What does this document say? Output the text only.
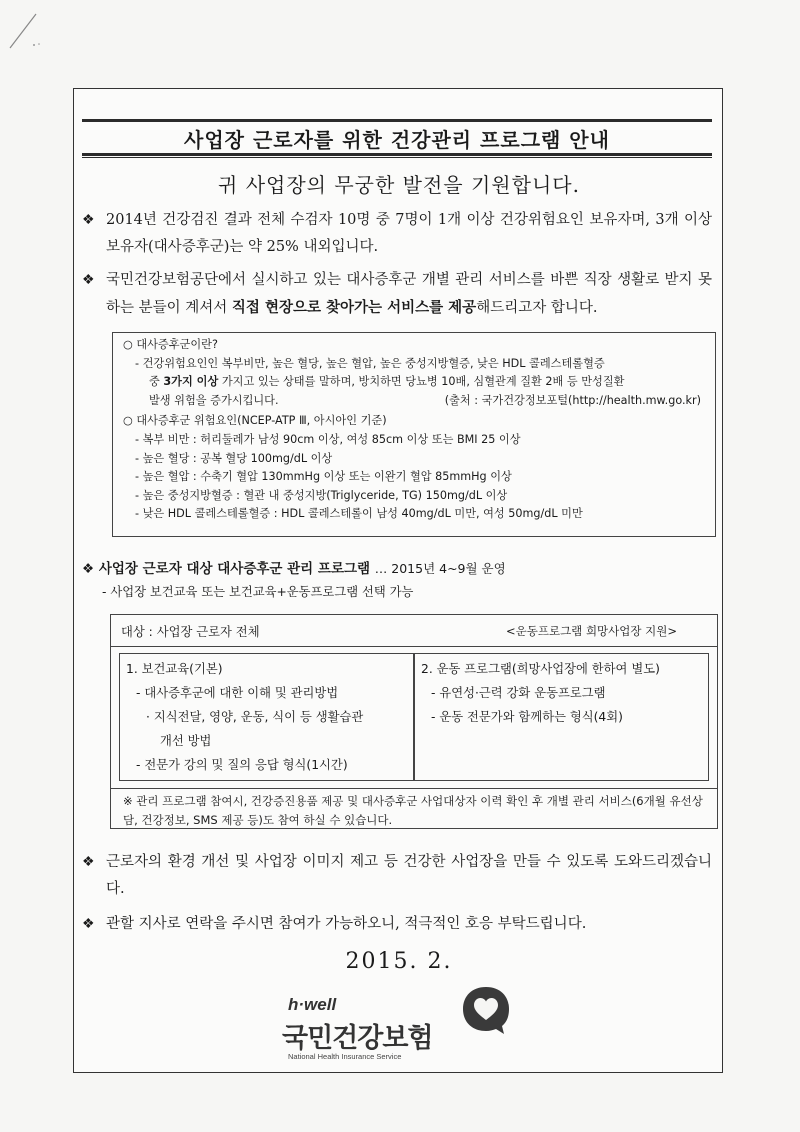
사업장 근로자를 위한 건강관리 프로그램 안내
귀 사업장의 무궁한 발전을 기원합니다.
❖ 2014년 건강검진 결과 전체 수검자 10명 중 7명이 1개 이상 건강위험요인 보유자며, 3개 이상 보유자(대사증후군)는 약 25% 내외입니다.
❖ 국민건강보험공단에서 실시하고 있는 대사증후군 개별 관리 서비스를 바쁜 직장 생활로 받지 못하는 분들이 계셔서 직접 현장으로 찾아가는 서비스를 제공해드리고자 합니다.
○ 대사증후군이란?
- 건강위험요인인 복부비만, 높은 혈당, 높은 혈압, 높은 중성지방혈증, 낮은 HDL 콜레스테롤혈증
중 3가지 이상 가지고 있는 상태를 말하며, 방치하면 당뇨병 10배, 심혈관계 질환 2배 등 만성질환
발생 위험을 증가시킵니다.	(출처 : 국가건강정보포털(http://health.mw.go.kr)
○ 대사증후군 위험요인(NCEP-ATP Ⅲ, 아시아인 기준)
- 복부 비만 : 허리둘레가 남성 90cm 이상, 여성 85cm 이상 또는 BMI 25 이상
- 높은 혈당 : 공복 혈당 100mg/dL 이상
- 높은 혈압 : 수축기 혈압 130mmHg 이상 또는 이완기 혈압 85mmHg 이상
- 높은 중성지방혈증 : 혈관 내 중성지방(Triglyceride, TG) 150mg/dL 이상
- 낮은 HDL 콜레스테롤혈증 : HDL 콜레스테롤이 남성 40mg/dL 미만, 여성 50mg/dL 미만
❖ 사업장 근로자 대상 대사증후군 관리 프로그램 … 2015년 4~9월 운영
- 사업장 보건교육 또는 보건교육+운동프로그램 선택 가능
대상 : 사업장 근로자 전체	<운동프로그램 희망사업장 지원>
1. 보건교육(기본)
- 대사증후군에 대한 이해 및 관리방법
· 지식전달, 영양, 운동, 식이 등 생활습관
개선 방법
- 전문가 강의 및 질의 응답 형식(1시간)
2. 운동 프로그램(희망사업장에 한하여 별도)
- 유연성·근력 강화 운동프로그램
- 운동 전문가와 함께하는 형식(4회)
※ 관리 프로그램 참여시, 건강증진용품 제공 및 대사증후군 사업대상자 이력 확인 후 개별 관리 서비스(6개월 유선상담, 건강정보, SMS 제공 등)도 참여 하실 수 있습니다.
❖ 근로자의 환경 개선 및 사업장 이미지 제고 등 건강한 사업장을 만들 수 있도록 도와드리겠습니다.
❖ 관할 지사로 연락을 주시면 참여가 가능하오니, 적극적인 호응 부탁드립니다.
2015. 2.
h·well
국민건강보험
National Health Insurance Service
